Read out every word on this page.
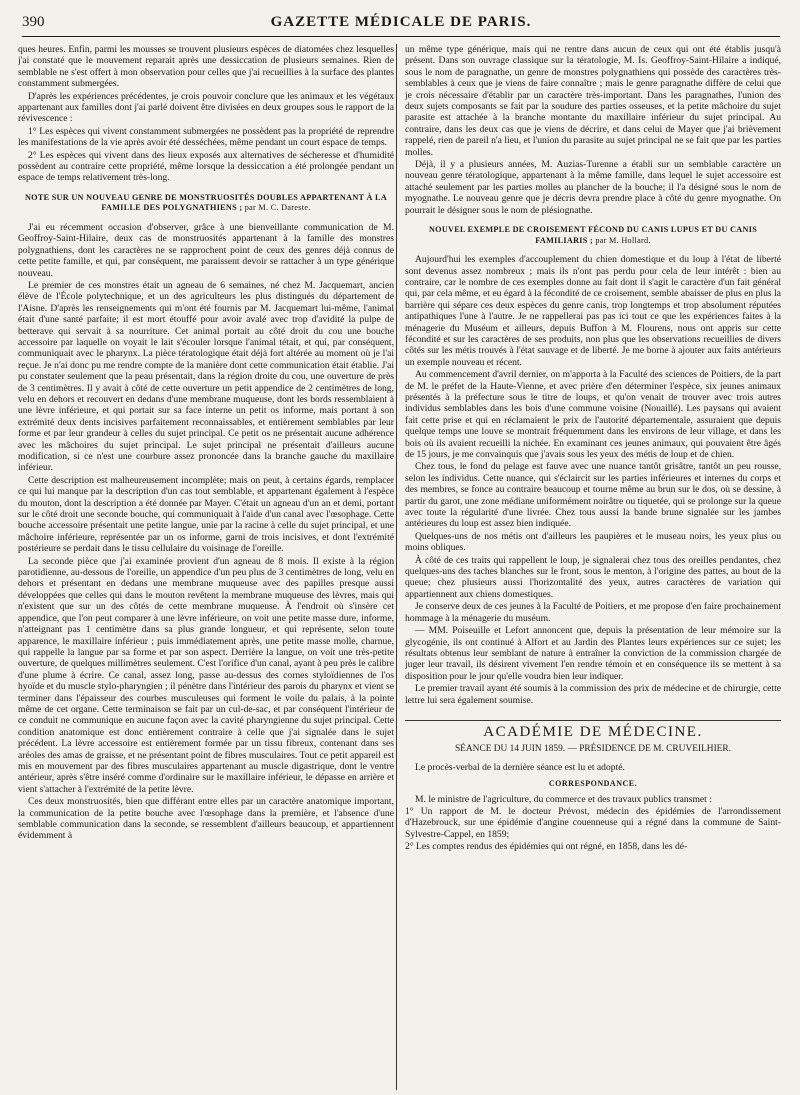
390	GAZETTE MÉDICALE DE PARIS.

ques heures. Enfin, parmi les mousses se trouvent plusieurs espèces de diatomées chez lesquelles j'ai constaté que le mouvement reparait après une dessiccation de plusieurs semaines. Rien de semblable ne s'est offert à mon observation pour celles que j'ai recueillies à la surface des plantes constamment submergées.

D'après les expériences précédentes, je crois pouvoir conclure que les animaux et les végétaux appartenant aux familles dont j'ai parlé doivent être divisées en deux groupes sous le rapport de la révivescence :

1° Les espèces qui vivent constamment submergées ne possèdent pas la propriété de reprendre les manifestations de la vie après avoir été desséchées, même pendant un court espace de temps.

2° Les espèces qui vivent dans des lieux exposés aux alternatives de sécheresse et d'humidité possèdent au contraire cette propriété, même lorsque la dessiccation a été prolongée pendant un espace de temps relativement très-long.

NOTE SUR UN NOUVEAU GENRE DE MONSTRUOSITÉS DOUBLES APPARTENANT À LA FAMILLE DES POLYGNATHIENS ; par M. C. Dareste.

J'ai eu récemment occasion d'observer, grâce à une bienveillante communication de M. Geoffroy-Saint-Hilaire, deux cas de monstruosités appartenant à la famille des monstres polygnathiens, dont les caractères ne se rapprochent point de ceux des genres déjà connus de cette petite famille, et qui, par conséquent, me paraissent devoir se rattacher à un type générique nouveau.

Le premier de ces monstres était un agneau de 6 semaines, né chez M. Jacquemart, ancien élève de l'École polytechnique, et un des agriculteurs les plus distingués du département de l'Aisne. D'après les renseignements qui m'ont été fournis par M. Jacquemart lui-même, l'animal était d'une santé parfaite; il est mort étouffé pour avoir avalé avec trop d'avidité la pulpe de betterave qui servait à sa nourriture. Cet animal portait au côté droit du cou une bouche accessoire par laquelle on voyait le lait s'écouler lorsque l'animal tétait, et qui, par conséquent, communiquait avec le pharynx. La pièce tératologique était déjà fort altérée au moment où je l'ai reçue. Je n'ai donc pu me rendre compte de la manière dont cette communication était établie. J'ai pu constater seulement que la peau présentait, dans la région droite du cou, une ouverture de près de 3 centimètres. Il y avait à côté de cette ouverture un petit appendice de 2 centimètres de long, velu en dehors et recouvert en dedans d'une membrane muqueuse, dont les bords ressemblaient à une lèvre inférieure, et qui portait sur sa face interne un petit os informe, mais portant à son extrémité deux dents incisives parfaitement reconnaissables, et entièrement semblables par leur forme et par leur grandeur à celles du sujet principal. Ce petit os ne présentait aucune adhérence avec les mâchoires du sujet principal. Le sujet principal ne présentait d'ailleurs aucune modification, si ce n'est une courbure assez prononcée dans la branche gauche du maxillaire inférieur.

Cette description est malheureusement incomplète; mais on peut, à certains égards, remplacer ce qui lui manque par la description d'un cas tout semblable, et appartenant également à l'espèce du mouton, dont la description a été donnée par Mayer. C'était un agneau d'un an et demi, portant sur le côté droit une seconde bouche, qui communiquait à l'aide d'un canal avec l'œsophage. Cette bouche accessoire présentait une petite langue, unie par la racine à celle du sujet principal, et une mâchoire inférieure, représentée par un os informe, garni de trois incisives, et dont l'extrémité postérieure se perdait dans le tissu cellulaire du voisinage de l'oreille.

La seconde pièce que j'ai examinée provient d'un agneau de 8 mois. Il existe à la région parotidienne, au-dessous de l'oreille, un appendice d'un peu plus de 3 centimètres de long, velu en dehors et présentant en dedans une membrane muqueuse avec des papilles presque aussi développées que celles qui dans le mouton revêtent la membrane muqueuse des lèvres, mais qui n'existent que sur un des côtés de cette membrane muqueuse. À l'endroit où s'insère cet appendice, que l'on peut comparer à une lèvre inférieure, on voit une petite masse dure, informe, n'atteignant pas 1 centimètre dans sa plus grande longueur, et qui représente, selon toute apparence, le maxillaire inférieur ; puis immédiatement après, une petite masse molle, charnue, qui rappelle la langue par sa forme et par son aspect. Derrière la langue, on voit une très-petite ouverture, de quelques millimètres seulement. C'est l'orifice d'un canal, ayant à peu près le calibre d'une plume à écrire. Ce canal, assez long, passe au-dessus des cornes styloïdiennes de l'os hyoïde et du muscle stylo-pharyngien ; il pénètre dans l'intérieur des parois du pharynx et vient se terminer dans l'épaisseur des courbes musculeuses qui forment le voile du palais, à la pointe même de cet organe. Cette terminaison se fait par un cul-de-sac, et par conséquent l'intérieur de ce conduit ne communique en aucune façon avec la cavité pharyngienne du sujet principal. Cette condition anatomique est donc entièrement contraire à celle que j'ai signalée dans le sujet précédent. La lèvre accessoire est entièrement formée par un tissu fibreux, contenant dans ses aréoles des amas de graisse, et ne présentant point de fibres musculaires. Tout ce petit appareil est mis en mouvement par des fibres musculaires appartenant au muscle digastrique, dont le ventre antérieur, après s'être inséré comme d'ordinaire sur le maxillaire inférieur, le dépasse en arrière et vient s'attacher à l'extrémité de la petite lèvre.

Ces deux monstruosités, bien que différant entre elles par un caractère anatomique important, la communication de la petite bouche avec l'œsophage dans la première, et l'absence d'une semblable communication dans la seconde, se ressemblent d'ailleurs beaucoup, et appartiennent évidemment à

un même type générique, mais qui ne rentre dans aucun de ceux qui ont été établis jusqu'à présent. Dans son ouvrage classique sur la tératologie, M. Is. Geoffroy-Saint-Hilaire a indiqué, sous le nom de paragnathe, un genre de monstres polygnathiens qui possède des caractères très-semblables à ceux que je viens de faire connaître ; mais le genre paragnathe diffère de celui que je crois nécessaire d'établir par un caractère très-important. Dans les paragnathes, l'union des deux sujets composants se fait par la soudure des parties osseuses, et la petite mâchoire du sujet parasite est attachée à la branche montante du maxillaire inférieur du sujet principal. Au contraire, dans les deux cas que je viens de décrire, et dans celui de Mayer que j'ai brièvement rappelé, rien de pareil n'a lieu, et l'union du parasite au sujet principal ne se fait que par les parties molles.

Déjà, il y a plusieurs années, M. Auzias-Turenne a établi sur un semblable caractère un nouveau genre tératologique, appartenant à la même famille, dans lequel le sujet accessoire est attaché seulement par les parties molles au plancher de la bouche; il l'a désigné sous le nom de myognathe. Le nouveau genre que je décris devra prendre place à côté du genre myognathe. On pourrait le désigner sous le nom de plésiognathe.

NOUVEL EXEMPLE DE CROISEMENT FÉCOND DU CANIS LUPUS ET DU CANIS FAMILIARIS ; par M. Hollard.

Aujourd'hui les exemples d'accouplement du chien domestique et du loup à l'état de liberté sont devenus assez nombreux ; mais ils n'ont pas perdu pour cela de leur intérêt : bien au contraire, car le nombre de ces exemples donne au fait dont il s'agit le caractère d'un fait général qui, par cela même, et eu égard à la fécondité de ce croisement, semble abaisser de plus en plus la barrière qui sépare ces deux espèces du genre canis, trop longtemps et trop absolument réputées antipathiques l'une à l'autre. Je ne rappellerai pas pas ici tout ce que les expériences faites à la ménagerie du Muséum et ailleurs, depuis Buffon à M. Flourens, nous ont appris sur cette fécondité et sur les caractères de ses produits, non plus que les observations recueillies de divers côtés sur les métis trouvés à l'état sauvage et de liberté. Je me borne à ajouter aux faits antérieurs un exemple nouveau et récent.

Au commencement d'avril dernier, on m'apporta à la Faculté des sciences de Poitiers, de la part de M. le préfet de la Haute-Vienne, et avec prière d'en déterminer l'espèce, six jeunes animaux présentés à la préfecture sous le titre de loups, et qu'on venait de trouver avec trois autres individus semblables dans les bois d'une commune voisine (Nouaillé). Les paysans qui avaient fait cette prise et qui en réclamaient le prix de l'autorité départementale, assuraient que depuis quelque temps une louve se montrait fréquemment dans les environs de leur village, et dans les bois où ils avaient recueilli la nichée. En examinant ces jeunes animaux, qui pouvaient être âgés de 15 jours, je me convainquis que j'avais sous les yeux des métis de loup et de chien.

Chez tous, le fond du pelage est fauve avec une nuance tantôt grisâtre, tantôt un peu rousse, selon les individus. Cette nuance, qui s'éclaircit sur les parties inférieures et internes du corps et des membres, se fonce au contraire beaucoup et tourne même au brun sur le dos, où se dessine, à partir du garot, une zone médiane uniformément noirâtre ou tiquetée, qui se prolonge sur la queue avec toute la régularité d'une livrée. Chez tous aussi la bande brune signalée sur les jambes antérieures du loup est assez bien indiquée.

Quelques-uns de nos métis ont d'ailleurs les paupières et le museau noirs, les yeux plus ou moins obliques.

À côté de ces traits qui rappellent le loup, je signalerai chez tous des oreilles pendantes, chez quelques-uns des taches blanches sur le front, sous le menton, à l'origine des pattes, au bout de la queue; chez plusieurs aussi l'horizontalité des yeux, autres caractères de variation qui appartiennent aux chiens domestiques.

Je conserve deux de ces jeunes à la Faculté de Poitiers, et me propose d'en faire prochainement hommage à la ménagerie du muséum.

— MM. Poiseuille et Lefort annoncent que, depuis la présentation de leur mémoire sur la glycogénie, ils ont continué à Alfort et au Jardin des Plantes leurs expériences sur ce sujet; les résultats obtenus leur semblant de nature à entraîner la conviction de la commission chargée de juger leur travail, ils désirent vivement l'en rendre témoin et en conséquence ils se mettent à sa disposition pour le jour qu'elle voudra bien leur indiquer.

Le premier travail ayant été soumis à la commission des prix de médecine et de chirurgie, cette lettre lui sera également soumise.

ACADÉMIE DE MÉDECINE.
SÉANCE DU 14 JUIN 1859. — PRÉSIDENCE DE M. CRUVEILHIER.

Le procès-verbal de la dernière séance est lu et adopté.

CORRESPONDANCE.

M. le ministre de l'agriculture, du commerce et des travaux publics transmet :

1° Un rapport de M. le docteur Prévost, médecin des épidémies de l'arrondissement d'Hazebrouck, sur une épidémie d'angine couenneuse qui a régné dans la commune de Saint-Sylvestre-Cappel, en 1859;

2° Les comptes rendus des épidémies qui ont régné, en 1858, dans les dé-
